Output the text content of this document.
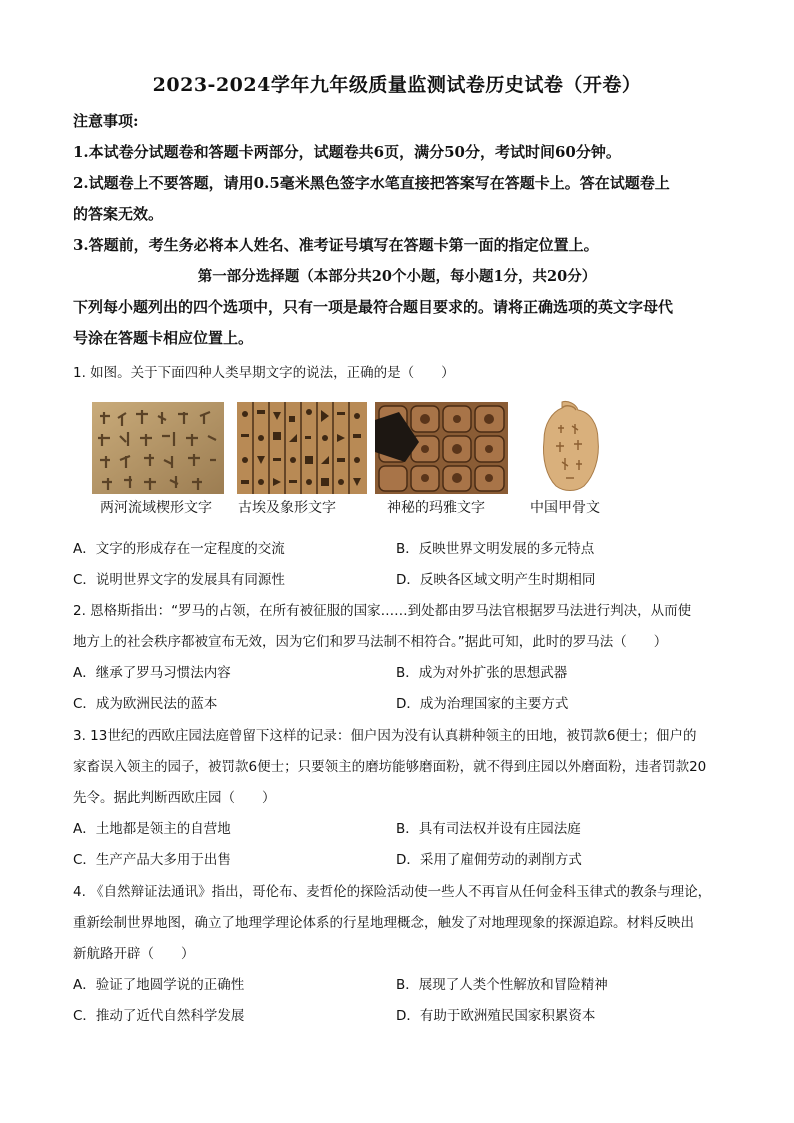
2023-2024学年九年级质量监测试卷历史试卷（开卷）
注意事项:
1.本试卷分试题卷和答题卡两部分，试题卷共6页，满分50分，考试时间60分钟。
2.试题卷上不要答题，请用0.5毫米黑色签字水笔直接把答案写在答题卡上。答在试题卷上
的答案无效。
3.答题前，考生务必将本人姓名、准考证号填写在答题卡第一面的指定位置上。
第一部分选择题（本部分共20个小题，每小题1分，共20分）
下列每小题列出的四个选项中，只有一项是最符合题目要求的。请将正确选项的英文字母代
号涂在答题卡相应位置上。
1. 如图。关于下面四种人类早期文字的说法，正确的是（　　）
两河流域楔形文字 古埃及象形文字	神秘的玛雅文字	中国甲骨文
A．文字的形成存在一定程度的交流	B．反映世界文明发展的多元特点
C．说明世界文字的发展具有同源性	D．反映各区域文明产生时期相同
2. 恩格斯指出：“罗马的占领，在所有被征服的国家……到处都由罗马法官根据罗马法进行判决，从而使
地方上的社会秩序都被宣布无效，因为它们和罗马法制不相符合。”据此可知，此时的罗马法（　　）
A．继承了罗马习惯法内容	B．成为对外扩张的思想武器
C．成为欧洲民法的蓝本	D．成为治理国家的主要方式
3. 13世纪的西欧庄园法庭曾留下这样的记录：佃户因为没有认真耕种领主的田地，被罚款6便士；佃户的
家畜误入领主的园子，被罚款6便士；只要领主的磨坊能够磨面粉，就不得到庄园以外磨面粉，违者罚款20
先令。据此判断西欧庄园（　　）
A．土地都是领主的自营地	B．具有司法权并设有庄园法庭
C．生产产品大多用于出售	D．采用了雇佣劳动的剥削方式
4. 《自然辩证法通讯》指出，哥伦布、麦哲伦的探险活动使一些人不再盲从任何金科玉律式的教条与理论，
重新绘制世界地图，确立了地理学理论体系的行星地理概念，触发了对地理现象的探源追踪。材料反映出
新航路开辟（　　）
A．验证了地圆学说的正确性	B．展现了人类个性解放和冒险精神
C．推动了近代自然科学发展	D．有助于欧洲殖民国家积累资本
